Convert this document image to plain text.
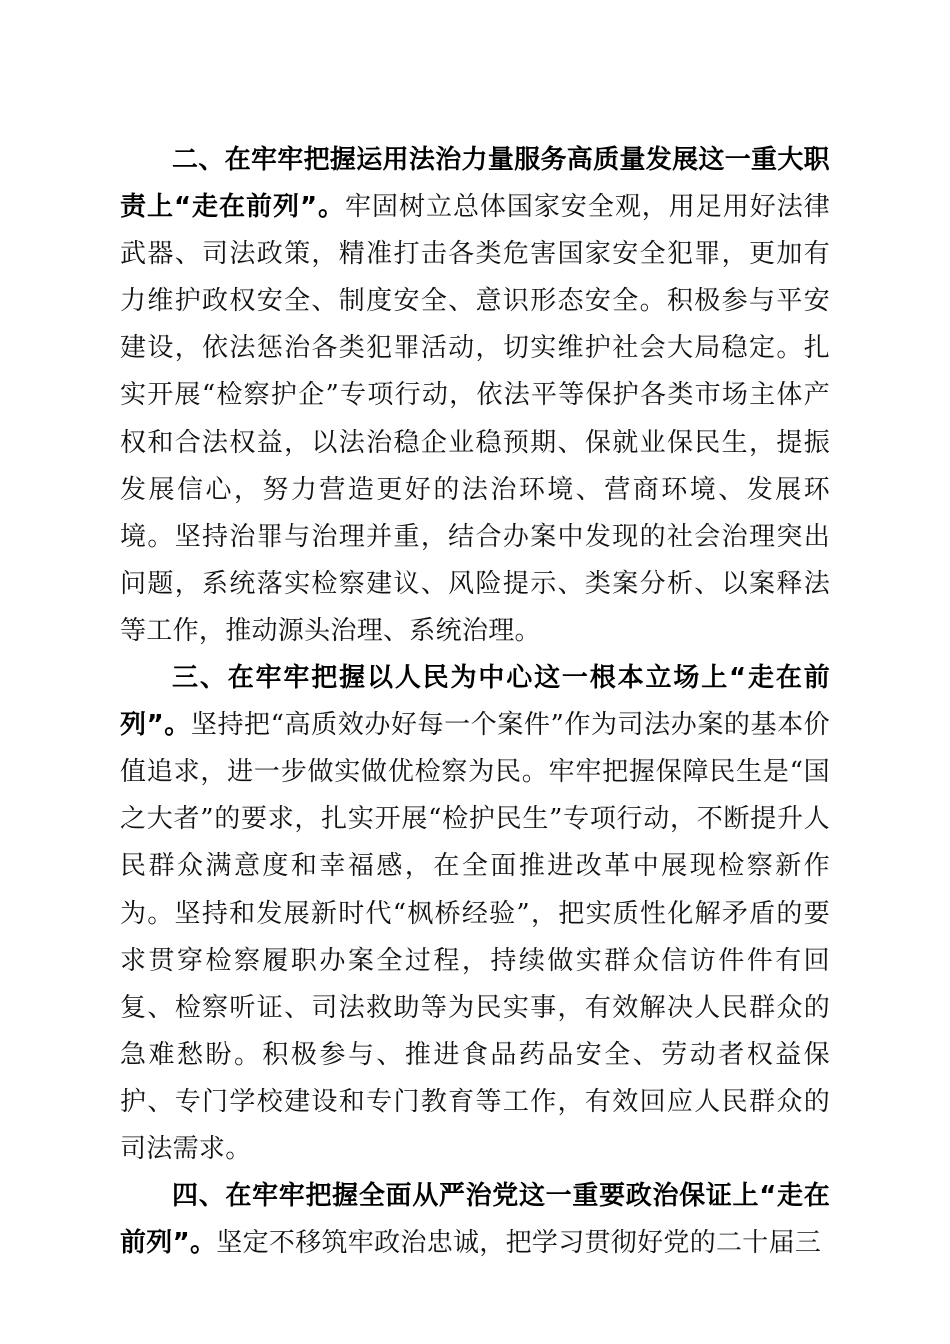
二、在牢牢把握运用法治力量服务高质量发展这一重大职责上“走在前列”。牢固树立总体国家安全观，用足用好法律武器、司法政策，精准打击各类危害国家安全犯罪，更加有力维护政权安全、制度安全、意识形态安全。积极参与平安建设，依法惩治各类犯罪活动，切实维护社会大局稳定。扎实开展“检察护企”专项行动，依法平等保护各类市场主体产权和合法权益，以法治稳企业稳预期、保就业保民生，提振发展信心，努力营造更好的法治环境、营商环境、发展环境。坚持治罪与治理并重，结合办案中发现的社会治理突出问题，系统落实检察建议、风险提示、类案分析、以案释法等工作，推动源头治理、系统治理。

三、在牢牢把握以人民为中心这一根本立场上“走在前列”。坚持把“高质效办好每一个案件”作为司法办案的基本价值追求，进一步做实做优检察为民。牢牢把握保障民生是“国之大者”的要求，扎实开展“检护民生”专项行动，不断提升人民群众满意度和幸福感，在全面推进改革中展现检察新作为。坚持和发展新时代“枫桥经验”，把实质性化解矛盾的要求贯穿检察履职办案全过程，持续做实群众信访件件有回复、检察听证、司法救助等为民实事，有效解决人民群众的急难愁盼。积极参与、推进食品药品安全、劳动者权益保护、专门学校建设和专门教育等工作，有效回应人民群众的司法需求。

四、在牢牢把握全面从严治党这一重要政治保证上“走在前列”。坚定不移筑牢政治忠诚，把学习贯彻好党的二十届三
